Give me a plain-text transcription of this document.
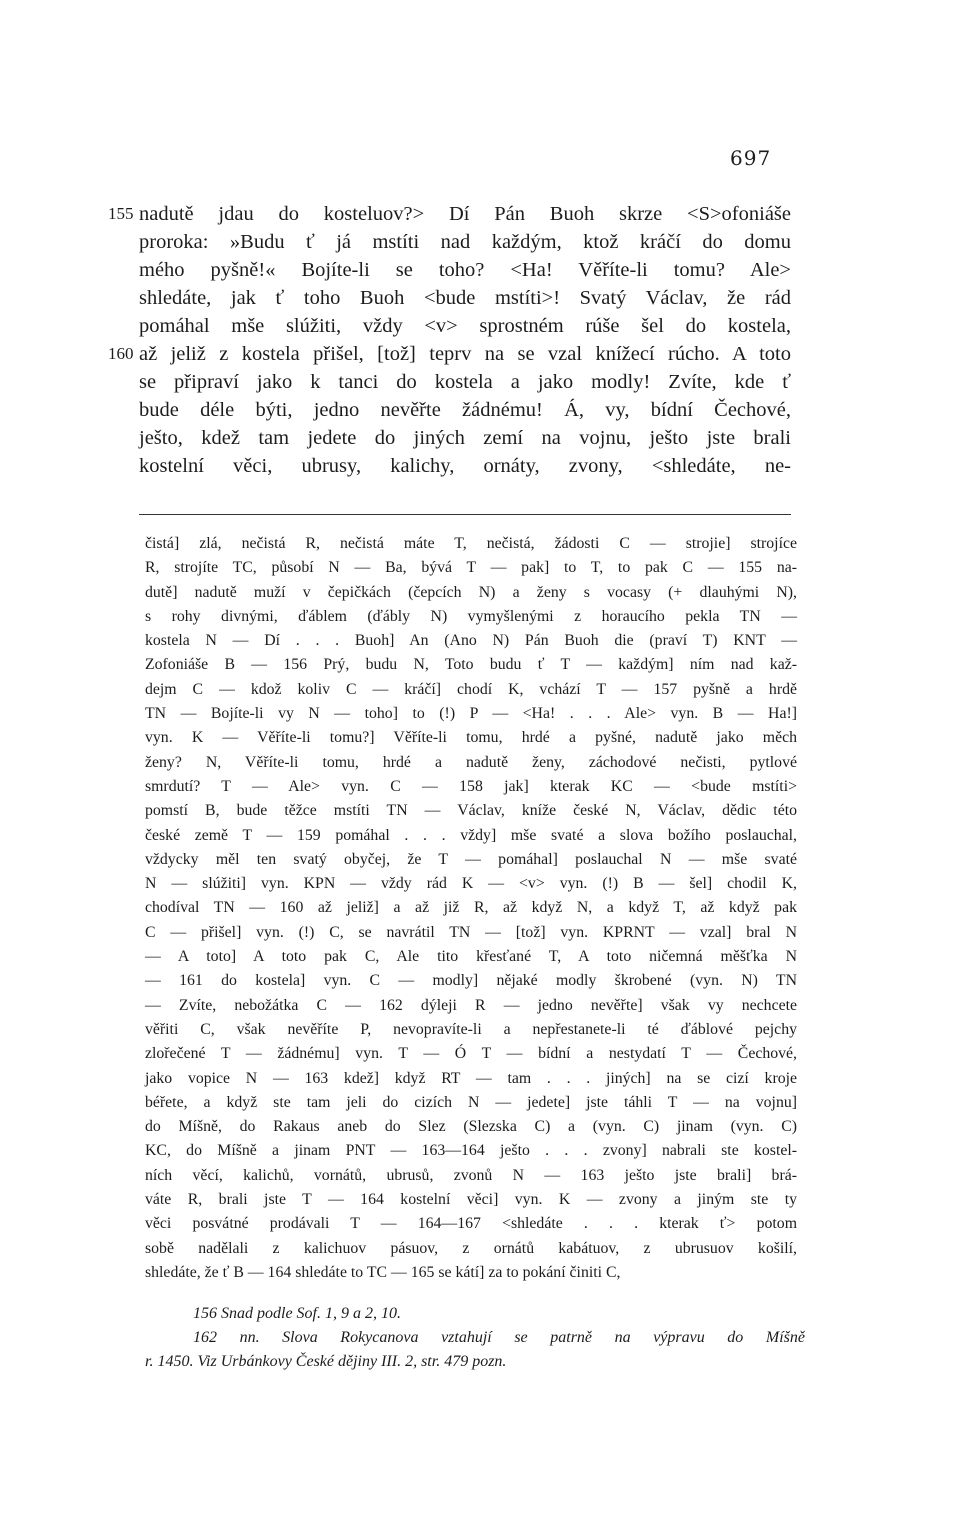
697
155 nadutě jdau do kosteluov?> Dí Pán Buoh skrze <S>ofoniáše
proroka: »Budu ť já mstíti nad každým, ktož kráčí do domu
mého pyšně!« Bojíte-li se toho? <Ha! Věříte-li tomu? Ale>
shledáte, jak ť toho Buoh <bude mstíti>! Svatý Václav, že rád
pomáhal mše slúžiti, vždy <v> sprostném rúše šel do kostela,
160 až jeliž z kostela přišel, [tož] teprv na se vzal knížecí rúcho. A toto
se připraví jako k tanci do kostela a jako modly! Zvíte, kde ť
bude déle býti, jedno nevěřte žádnému! Á, vy, bídní Čechové,
ješto, kdež tam jedete do jiných zemí na vojnu, ješto jste brali
kostelní věci, ubrusy, kalichy, ornáty, zvony, <shledáte, ne-
čistá] zlá, nečistá R, nečistá máte T, nečistá, žádosti C — strojie] strojíce
R, strojíte TC, působí N — Ba, bývá T — pak] to T, to pak C — 155 na-
dutě] nadutě muží v čepičkách (čepcích N) a ženy s vocasy (+ dlauhými N),
s rohy divnými, ďáblem (ďábly N) vymyšlenými z horaucího pekla TN —
kostela N — Dí . . . Buoh] An (Ano N) Pán Buoh die (praví T) KNT —
Zofoniáše B — 156 Prý, budu N, Toto budu ť T — každým] ním nad kaž-
dejm C — kdož koliv C — kráčí] chodí K, vchází T — 157 pyšně a hrdě
TN — Bojíte-li vy N — toho] to (!) P — <Ha! . . . Ale> vyn. B — Ha!]
vyn. K — Věříte-li tomu?] Věříte-li tomu, hrdé a pyšné, nadutě jako měch
ženy? N, Věříte-li tomu, hrdé a nadutě ženy, záchodové nečisti, pytlové
smrdutí? T — Ale> vyn. C — 158 jak] kterak KC — <bude mstíti>
pomstí B, bude těžce mstíti TN — Václav, kníže české N, Václav, dědic této
české země T — 159 pomáhal . . . vždy] mše svaté a slova božího poslauchal,
vždycky měl ten svatý obyčej, že T — pomáhal] poslauchal N — mše svaté
N — slúžiti] vyn. KPN — vždy rád K — <v> vyn. (!) B — šel] chodil K,
chodíval TN — 160 až jeliž] a až již R, až když N, a když T, až když pak
C — přišel] vyn. (!) C, se navrátil TN — [tož] vyn. KPRNT — vzal] bral N
— A toto] A toto pak C, Ale tito křesťané T, A toto ničemná měšťka N
— 161 do kostela] vyn. C — modly] nějaké modly škrobené (vyn. N) TN
— Zvíte, nebožátka C — 162 dýleji R — jedno nevěřte] však vy nechcete
věřiti C, však nevěříte P, nevopravíte-li a nepřestanete-li té ďáblové pejchy
zlořečené T — žádnému] vyn. T — Ó T — bídní a nestydatí T — Čechové,
jako vopice N — 163 kdež] když RT — tam . . . jiných] na se cizí kroje
béřete, a když ste tam jeli do cizích N — jedete] jste táhli T — na vojnu]
do Míšně, do Rakaus aneb do Slez (Slezska C) a (vyn. C) jinam (vyn. C)
KC, do Míšně a jinam PNT — 163—164 ješto . . . zvony] nabrali ste kostel-
ních věcí, kalichů, vornátů, ubrusů, zvonů N — 163 ješto jste brali] brá-
váte R, brali jste T — 164 kostelní věci] vyn. K — zvony a jiným ste ty
věci posvátné prodávali T — 164—167 <shledáte . . . kterak ť> potom
sobě nadělali z kalichuov pásuov, z ornátů kabátuov, z ubrusuov košilí,
shledáte, že ť B — 164 shledáte to TC — 165 se kátí] za to pokání činiti C,
156 Snad podle Sof. 1, 9 a 2, 10.
162 nn. Slova Rokycanova vztahují se patrně na výpravu do Míšně
r. 1450. Viz Urbánkovy České dějiny III. 2, str. 479 pozn.
